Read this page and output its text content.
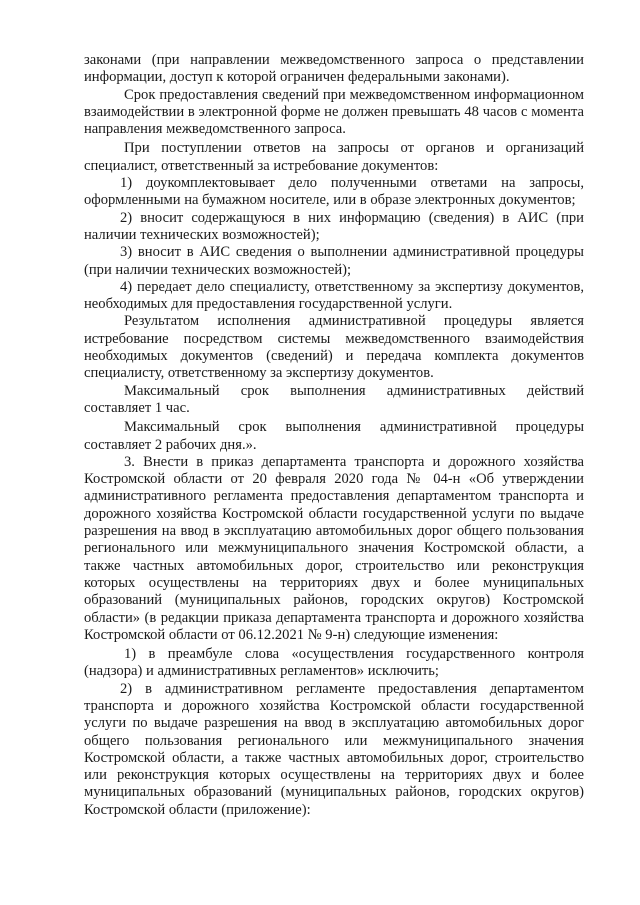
законами (при направлении межведомственного запроса о представлении информации, доступ к которой ограничен федеральными законами).

Срок предоставления сведений при межведомственном информационном взаимодействии в электронной форме не должен превышать 48 часов с момента направления межведомственного запроса.

При поступлении ответов на запросы от органов и организаций специалист, ответственный за истребование документов:

1) доукомплектовывает дело полученными ответами на запросы, оформленными на бумажном носителе, или в образе электронных документов;

2) вносит содержащуюся в них информацию (сведения) в АИС (при наличии технических возможностей);

3) вносит в АИС сведения о выполнении административной процедуры (при наличии технических возможностей);

4) передает дело специалисту, ответственному за экспертизу документов, необходимых для предоставления государственной услуги.

Результатом исполнения административной процедуры является истребование посредством системы межведомственного взаимодействия необходимых документов (сведений) и передача комплекта документов специалисту, ответственному за экспертизу документов.

Максимальный срок выполнения административных действий составляет 1 час.

Максимальный срок выполнения административной процедуры составляет 2 рабочих дня.».

3. Внести в приказ департамента транспорта и дорожного хозяйства Костромской области от 20 февраля 2020 года № 04-н «Об утверждении административного регламента предоставления департаментом транспорта и дорожного хозяйства Костромской области государственной услуги по выдаче разрешения на ввод в эксплуатацию автомобильных дорог общего пользования регионального или межмуниципального значения Костромской области, а также частных автомобильных дорог, строительство или реконструкция которых осуществлены на территориях двух и более муниципальных образований (муниципальных районов, городских округов) Костромской области» (в редакции приказа департамента транспорта и дорожного хозяйства Костромской области от 06.12.2021 № 9-н) следующие изменения:

1) в преамбуле слова «осуществления государственного контроля (надзора) и административных регламентов» исключить;

2) в административном регламенте предоставления департаментом транспорта и дорожного хозяйства Костромской области государственной услуги по выдаче разрешения на ввод в эксплуатацию автомобильных дорог общего пользования регионального или межмуниципального значения Костромской области, а также частных автомобильных дорог, строительство или реконструкция которых осуществлены на территориях двух и более муниципальных образований (муниципальных районов, городских округов) Костромской области (приложение):
